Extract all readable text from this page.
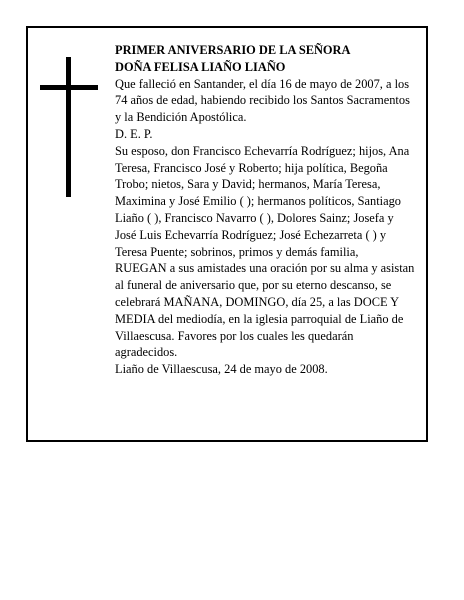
PRIMER ANIVERSARIO DE LA SEÑORA
DOÑA FELISA LIAÑO LIAÑO
Que falleció en Santander, el día 16 de mayo de 2007, a los 74 años de edad, habiendo recibido los Santos Sacramentos y la Bendición Apostólica.
D. E. P.
Su esposo, don Francisco Echevarría Rodríguez; hijos, Ana Teresa, Francisco José y Roberto; hija política, Begoña Trobo; nietos, Sara y David; hermanos, María Teresa, Maximina y José Emilio ( ); hermanos políticos, Santiago Liaño ( ), Francisco Navarro ( ), Dolores Sainz; Josefa y José Luis Echevarría Rodríguez; José Echezarreta ( ) y Teresa Puente; sobrinos, primos y demás familia,
RUEGAN a sus amistades una oración por su alma y asistan al funeral de aniversario que, por su eterno descanso, se celebrará MAÑANA, DOMINGO, día 25, a las DOCE Y MEDIA del mediodía, en la iglesia parroquial de Liaño de Villaescusa. Favores por los cuales les quedarán agradecidos.
Liaño de Villaescusa, 24 de mayo de 2008.
